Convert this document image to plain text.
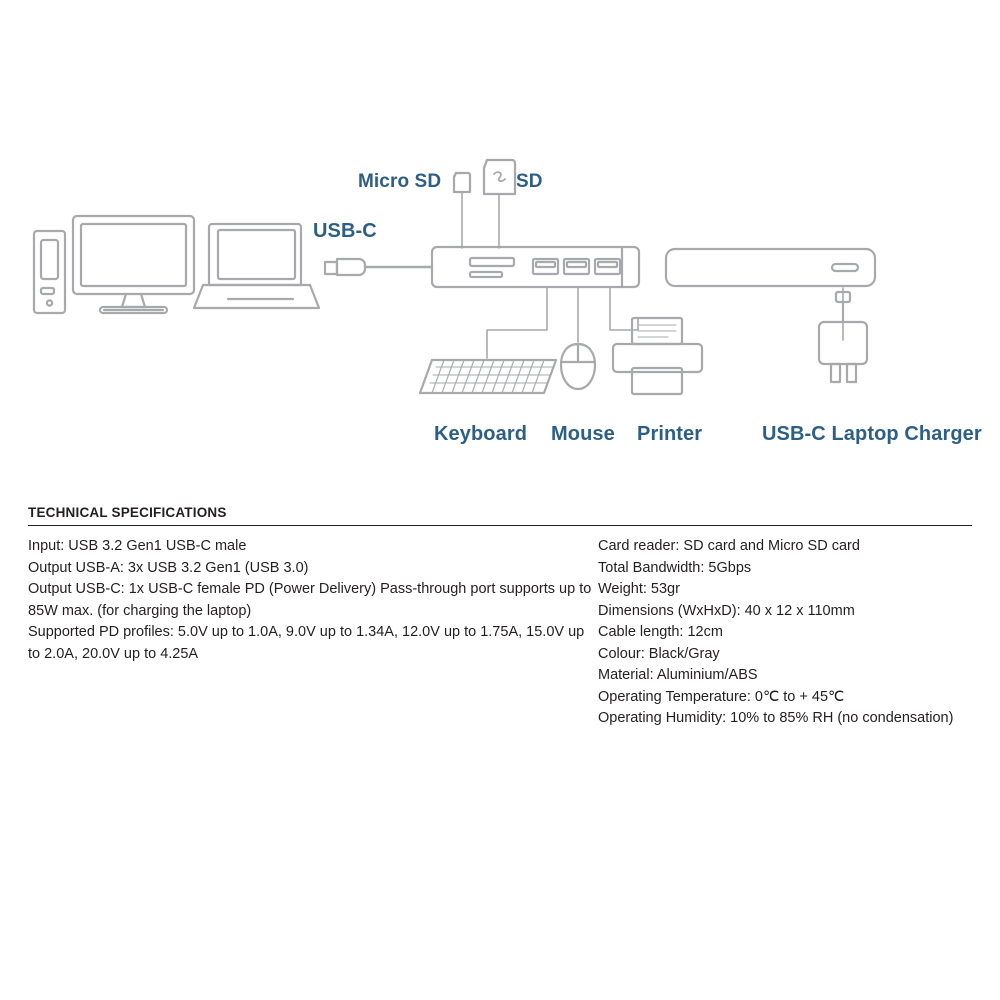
Micro SD	SD
USB-C
Keyboard Mouse Printer	USB-C Laptop Charger
TECHNICAL SPECIFICATIONS

Input: USB 3.2 Gen1 USB-C male

Output USB-A: 3x USB 3.2 Gen1 (USB 3.0)

Output USB-C: 1x USB-C female PD (Power Delivery) Pass-through port supports up to 85W max. (for charging the laptop)

Supported PD profiles: 5.0V up to 1.0A, 9.0V up to 1.34A, 12.0V up to 1.75A, 15.0V up to 2.0A, 20.0V up to 4.25A

Card reader: SD card and Micro SD card

Total Bandwidth: 5Gbps

Weight: 53gr

Dimensions (WxHxD): 40 x 12 x 110mm

Cable length: 12cm

Colour: Black/Gray

Material: Aluminium/ABS

Operating Temperature: 0℃ to + 45℃

Operating Humidity: 10% to 85% RH (no condensation)
